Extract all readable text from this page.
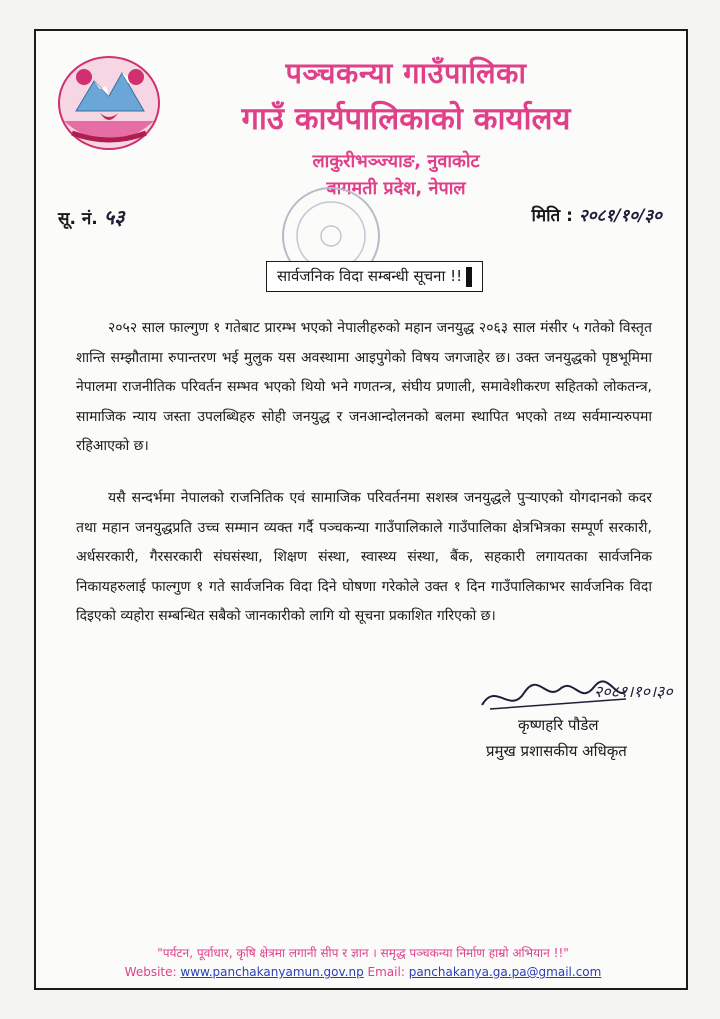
पञ्चकन्या गाउँपालिका
गाउँ कार्यपालिकाको कार्यालय
लाकुरीभञ्ज्याङ, नुवाकोट
बागमती प्रदेश, नेपाल
सू. नं. ५३	मिति : २०८१/१०/३०
सार्वजनिक विदा सम्बन्धी सूचना !!
२०५२ साल फाल्गुण १ गतेबाट प्रारम्भ भएको नेपालीहरुको महान जनयुद्ध २०६३ साल मंसीर ५ गतेको विस्तृत शान्ति सम्झौतामा रुपान्तरण भई मुलुक यस अवस्थामा आइपुगेको विषय जगजाहेर छ। उक्त जनयुद्धको पृष्ठभूमिमा नेपालमा राजनीतिक परिवर्तन सम्भव भएको थियो भने गणतन्त्र, संघीय प्रणाली, समावेशीकरण सहितको लोकतन्त्र, सामाजिक न्याय जस्ता उपलब्धिहरु सोही जनयुद्ध र जनआन्दोलनको बलमा स्थापित भएको तथ्य सर्वमान्यरुपमा रहिआएको छ।
यसै सन्दर्भमा नेपालको राजनितिक एवं सामाजिक परिवर्तनमा सशस्त्र जनयुद्धले पुऱ्याएको योगदानको कदर तथा महान जनयुद्धप्रति उच्च सम्मान व्यक्त गर्दै पञ्चकन्या गाउँपालिकाले गाउँपालिका क्षेत्रभित्रका सम्पूर्ण सरकारी, अर्धसरकारी, गैरसरकारी संघसंस्था, शिक्षण संस्था, स्वास्थ्य संस्था, बैंक, सहकारी लगायतका सार्वजनिक निकायहरुलाई फाल्गुण १ गते सार्वजनिक विदा दिने घोषणा गरेकोले उक्त १ दिन गाउँपालिकाभर सार्वजनिक विदा दिइएको व्यहोरा सम्बन्धित सबैको जानकारीको लागि यो सूचना प्रकाशित गरिएको छ।
२०८१।१०।३०
कृष्णहरि पौडेल
प्रमुख प्रशासकीय अधिकृत
"पर्यटन, पूर्वाधार, कृषि क्षेत्रमा लगानी सीप र ज्ञान । समृद्ध पञ्चकन्या निर्माण हाम्रो अभियान !!"
Website: www.panchakanyamun.gov.np Email: panchakanya.ga.pa@gmail.com
